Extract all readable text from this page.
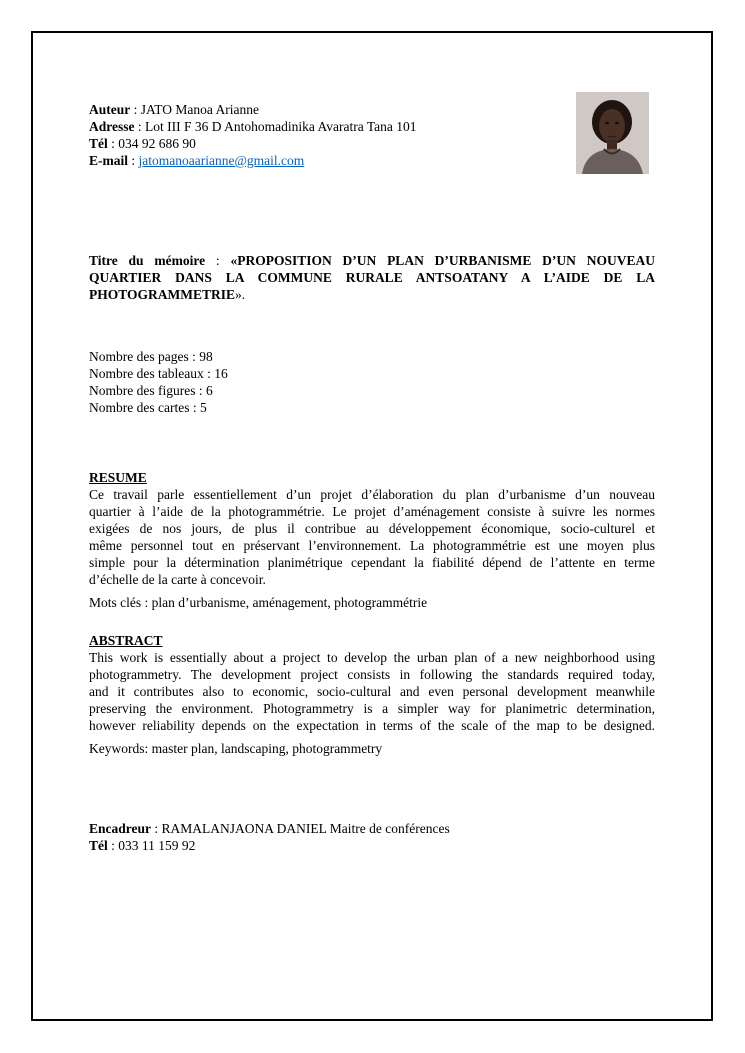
Auteur : JATO Manoa Arianne
Adresse : Lot III F 36 D Antohomadinika Avaratra Tana 101
Tél : 034 92 686 90
E-mail : jatomanoaarianne@gmail.com
Titre du mémoire : «PROPOSITION D’UN PLAN D’URBANISME D’UN NOUVEAU
QUARTIER DANS LA COMMUNE RURALE ANTSOATANY A L’AIDE DE LA
PHOTOGRAMMETRIE».
Nombre des pages : 98
Nombre des tableaux : 16
Nombre des figures : 6
Nombre des cartes : 5
RESUME
Ce travail parle essentiellement d’un projet d’élaboration du plan d’urbanisme d’un nouveau
quartier à l’aide de la photogrammétrie. Le projet d’aménagement consiste à suivre les normes
exigées de nos jours, de plus il contribue au développement économique, socio-culturel et
même personnel tout en préservant l’environnement. La photogrammétrie est une moyen plus
simple pour la détermination planimétrique cependant la fiabilité dépend de l’attente en terme
d’échelle de la carte à concevoir.
Mots clés : plan d’urbanisme, aménagement, photogrammétrie
ABSTRACT
This work is essentially about a project to develop the urban plan of a new neighborhood using
photogrammetry. The development project consists in following the standards required today,
and it contributes also to economic, socio-cultural and even personal development meanwhile
preserving the environment. Photogrammetry is a simpler way for planimetric determination,
however reliability depends on the expectation in terms of the scale of the map to be designed.
Keywords: master plan, landscaping, photogrammetry
Encadreur : RAMALANJAONA DANIEL Maitre de conférences
Tél : 033 11 159 92
